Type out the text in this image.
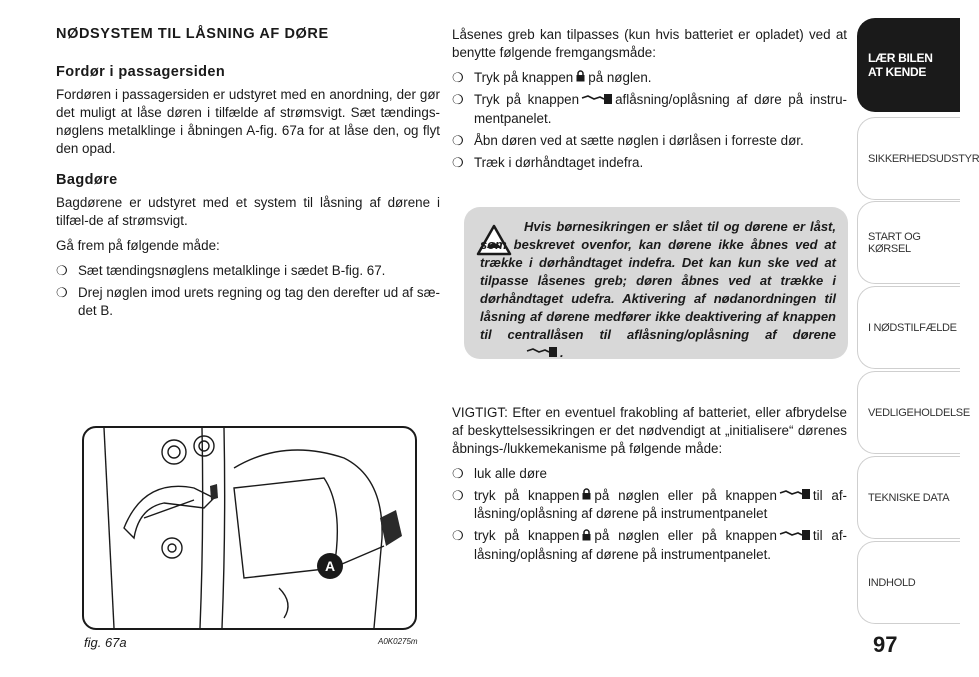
NØDSYSTEM TIL LÅSNING AF DØRE
Fordør i passagersiden

Fordøren i passagersiden er udstyret med en anordning, der gør det muligt at låse døren i tilfælde af strømsvigt. Sæt tændings-nøglens metalklinge i åbningen A-fig. 67a for at låse den, og flyt den opad.

Bagdøre

Bagdørene er udstyret med et system til låsning af dørene i tilfæl-de af strømsvigt.

Gå frem på følgende måde:

❍ Sæt tændingsnøglens metalklinge i sædet B-fig. 67.
❍ Drej nøglen imod urets regning og tag den derefter ud af sæ-det B.

Låsenes greb kan tilpasses (kun hvis batteriet er opladet) ved at benytte følgende fremgangsmåde:

❍ Tryk på knappen på nøglen.
❍ Tryk på knappen	aflåsning/oplåsning af døre på instru-mentpanelet.
❍ Åbn døren ved at sætte nøglen i dørlåsen i forreste dør.
❍ Træk i dørhåndtaget indefra.
Hvis børnesikringen er slået til og dørene er låst, som beskrevet ovenfor, kan dørene ikke åbnes ved at trække i dørhåndtaget indefra. Det kan kun ske ved at tilpasse låsenes greb; døren åbnes ved at trække i dørhåndtaget udefra. Aktivering af nødanordningen til låsning af dørene medfører ikke deaktivering af knappen til centrallåsen til aflåsning/oplåsning af dørene .

VIGTIGT: Efter en eventuel frakobling af batteriet, eller afbrydelse af beskyttelsessikringen er det nødvendigt at „initialisere“ dørenes åbnings-/lukkemekanisme på følgende måde:

❍ luk alle døre
❍ tryk på knappen på nøglen eller på knappen	til af-låsning/oplåsning af dørene på instrumentpanelet
❍ tryk på knappen på nøglen eller på knappen	til af-låsning/oplåsning af dørene på instrumentpanelet.
A
fig. 67a	A0K0275m
LÆR BILEN AT KENDE
SIKKERHEDSUDSTYR
START OG KØRSEL
I NØDSTILFÆLDE
VEDLIGEHOLDELSE
TEKNISKE DATA
INDHOLD
97
